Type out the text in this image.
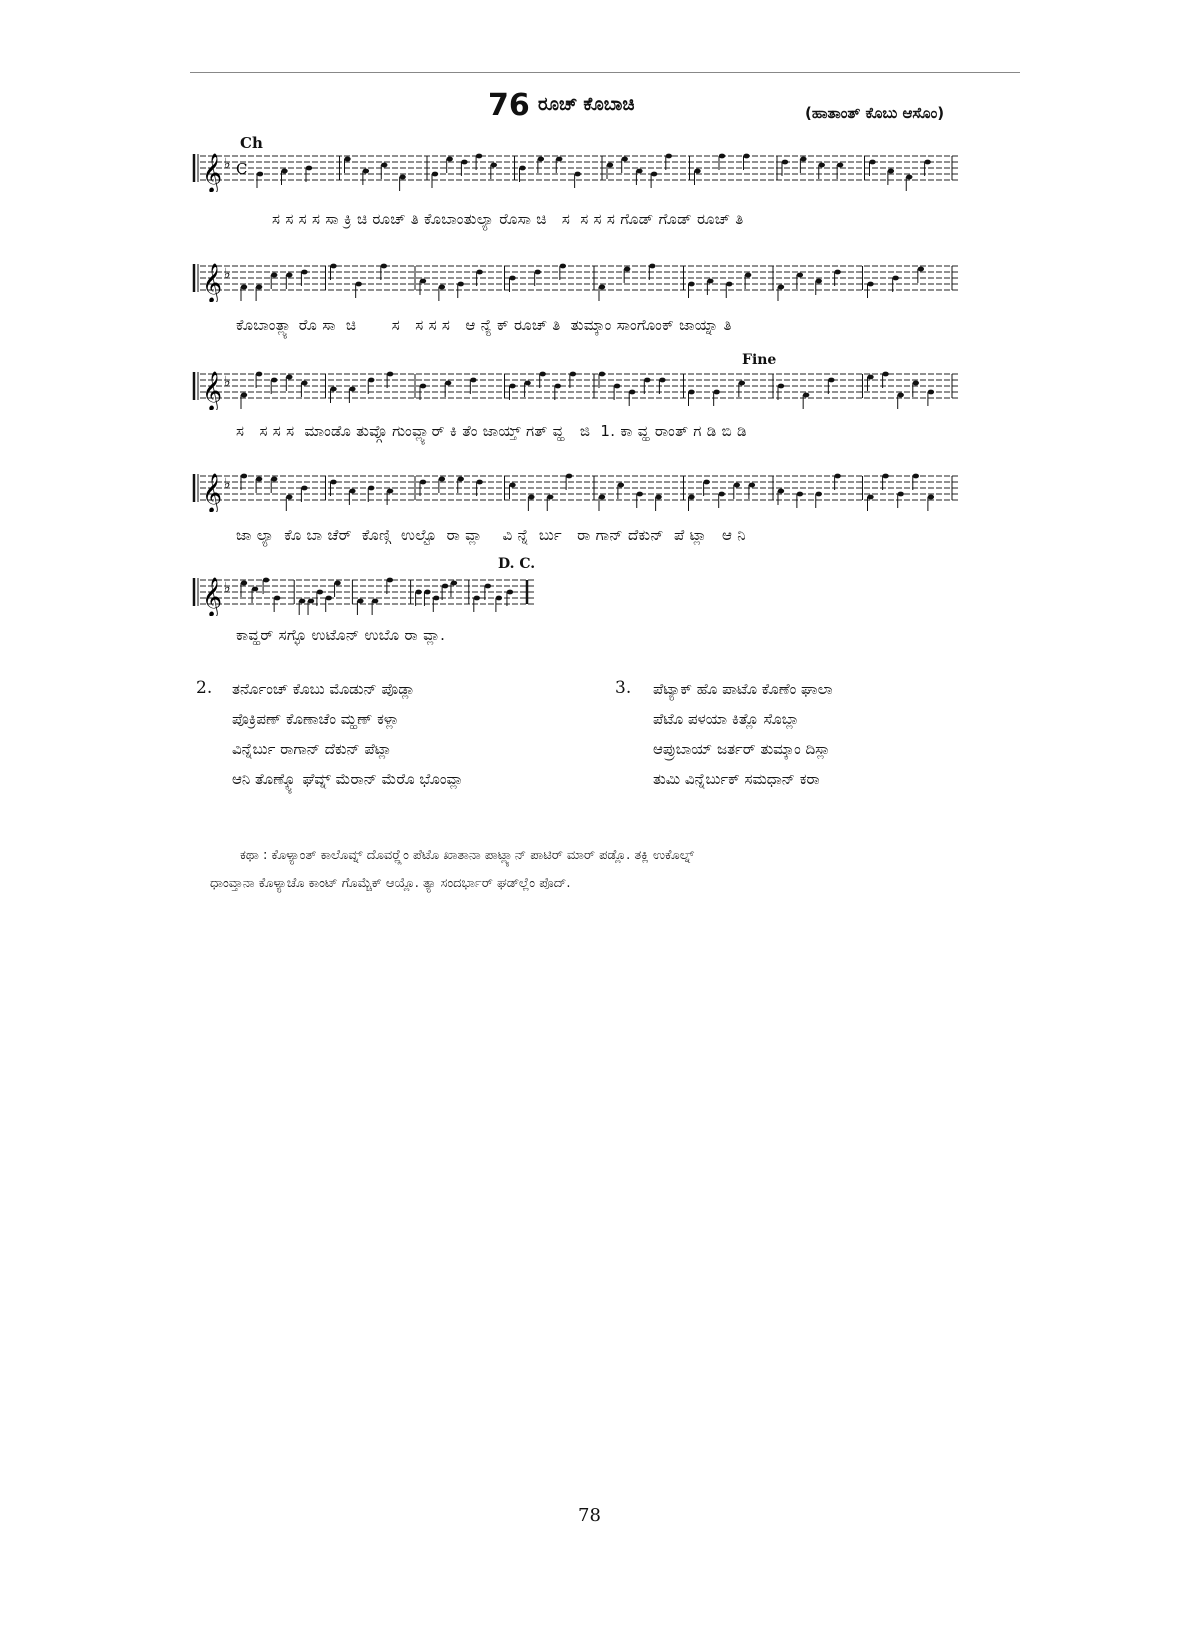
76 ರೂಚ್ ಕೊಬಾಚಿ	(ಹಾತಾಂತ್ ಕೊಬು ಆಸೊಂ)
Ch
𝄞 ♭ C
ಸ ಸ ಸ ಸ ಸಾ ಕ್ರಿ ಚಿ ರೂಚ್ ತಿ ಕೊಬಾಂತುಲ್ಯಾ ರೊಸಾ ಚಿ   ಸ  ಸ ಸ ಸ ಗೊಡ್ ಗೊಡ್ ರೂಚ್ ತಿ
𝄞 ♭
ಕೊಬಾಂತ್ಲ್ಯಾ ರೊ ಸಾ  ಚಿ       ಸ   ಸ ಸ ಸ   ಆ ನ್ಯೆ ಕ್ ರೂಚ್ ತಿ  ತುಮ್ಕಾಂ ಸಾಂಗೊಂಕ್ ಜಾಯ್ನಾ ತಿ
Fine
𝄞 ♭
ಸ   ಸ ಸ ಸ  ಮಾಂಡೊ ತುವ್ಗೊ ಗುಂವ್ಲ್ಯಾರ್ ಕಿ ತೆಂ ಜಾಯ್ತ್ ಗತ್ ವ್ಹ   ಜಿ  1. ಕಾ ವ್ಹ ರಾಂತ್ ಗ ಡಿ ಬಿ ಡಿ
𝄞 ♭
ಜಾ ಲ್ಯಾ  ಕೊ ಬಾ ಚೆರ್  ಕೊಣ್ಗಿ  ಉಲ್ಟೊ  ರಾ ವ್ಲಾ    ವಿ ನ್ನೆ  ರ್ಬು   ರಾ ಗಾನ್ ದೆಕುನ್  ಪೆ ಟ್ಲಾ   ಆ ನಿ
D. C.
𝄞 ♭
ಕಾವ್ಹರ್ ಸಗ್ಳೊ ಉಟೊನ್ ಉಬೊ ರಾ ವ್ಲಾ.
2. ತರ್ನೊಂಚ್ ಕೊಬು ಮೊಡುನ್ ಪೊಡ್ಲಾ
ಪೊಕ್ರಿಪಣ್ ಕೊಣಾಚೆಂ ಮ್ಹಣ್ ಕಳ್ಲಾ
ವಿನ್ನೆರ್ಬು ರಾಗಾನ್ ದೆಕುನ್ ಪೆಟ್ಲಾ
ಆನಿ ತೊಣ್ಕ್ಯೊ ಘೆವ್ನ್ ಮೆರಾನ್ ಮೆರೊ ಭೊಂವ್ಲಾ
3. ಪೆಟ್ಯಾಕ್ ಹೊ ಪಾಟೊ ಕೊಣೆಂ ಘಾಲಾ
ಪೆಟೊ ಪಳಯಾ ಕಿತ್ಲೊ ಸೊಬ್ಲಾ
ಆಪ್ರುಬಾಯ್ ಜರ್ತರ್ ತುಮ್ಕಾಂ ದಿಸ್ಲಾ
ತುಮಿ ವಿನ್ನೆರ್ಬುಕ್ ಸಮಧಾನ್ ಕರಾ
ಕಥಾ : ಕೊಳ್ಯಾಂತ್ ಕಾಲೊವ್ನ್ ದೊವರ್‍ಲ್ಲೆಂ ಪೆಟೊ ಖಾತಾನಾ ಪಾಟ್ಲ್ಯಾನ್ ಪಾಟಿರ್ ಮಾರ್ ಪಡ್ಲೊ. ತಕ್ಲಿ ಉಕೊಲ್ನ್
ಧಾಂವ್ತಾನಾ ಕೊಳ್ಯಾಚೊ ಕಾಂಟ್ ಗೊಮ್ಚೆಕ್ ಆಯ್ಲೊ. ತ್ಯಾ ಸಂದರ್ಭಾರ್ ಘಡ್‍ಲ್ಲೆಂ ಪೊದ್.
78
